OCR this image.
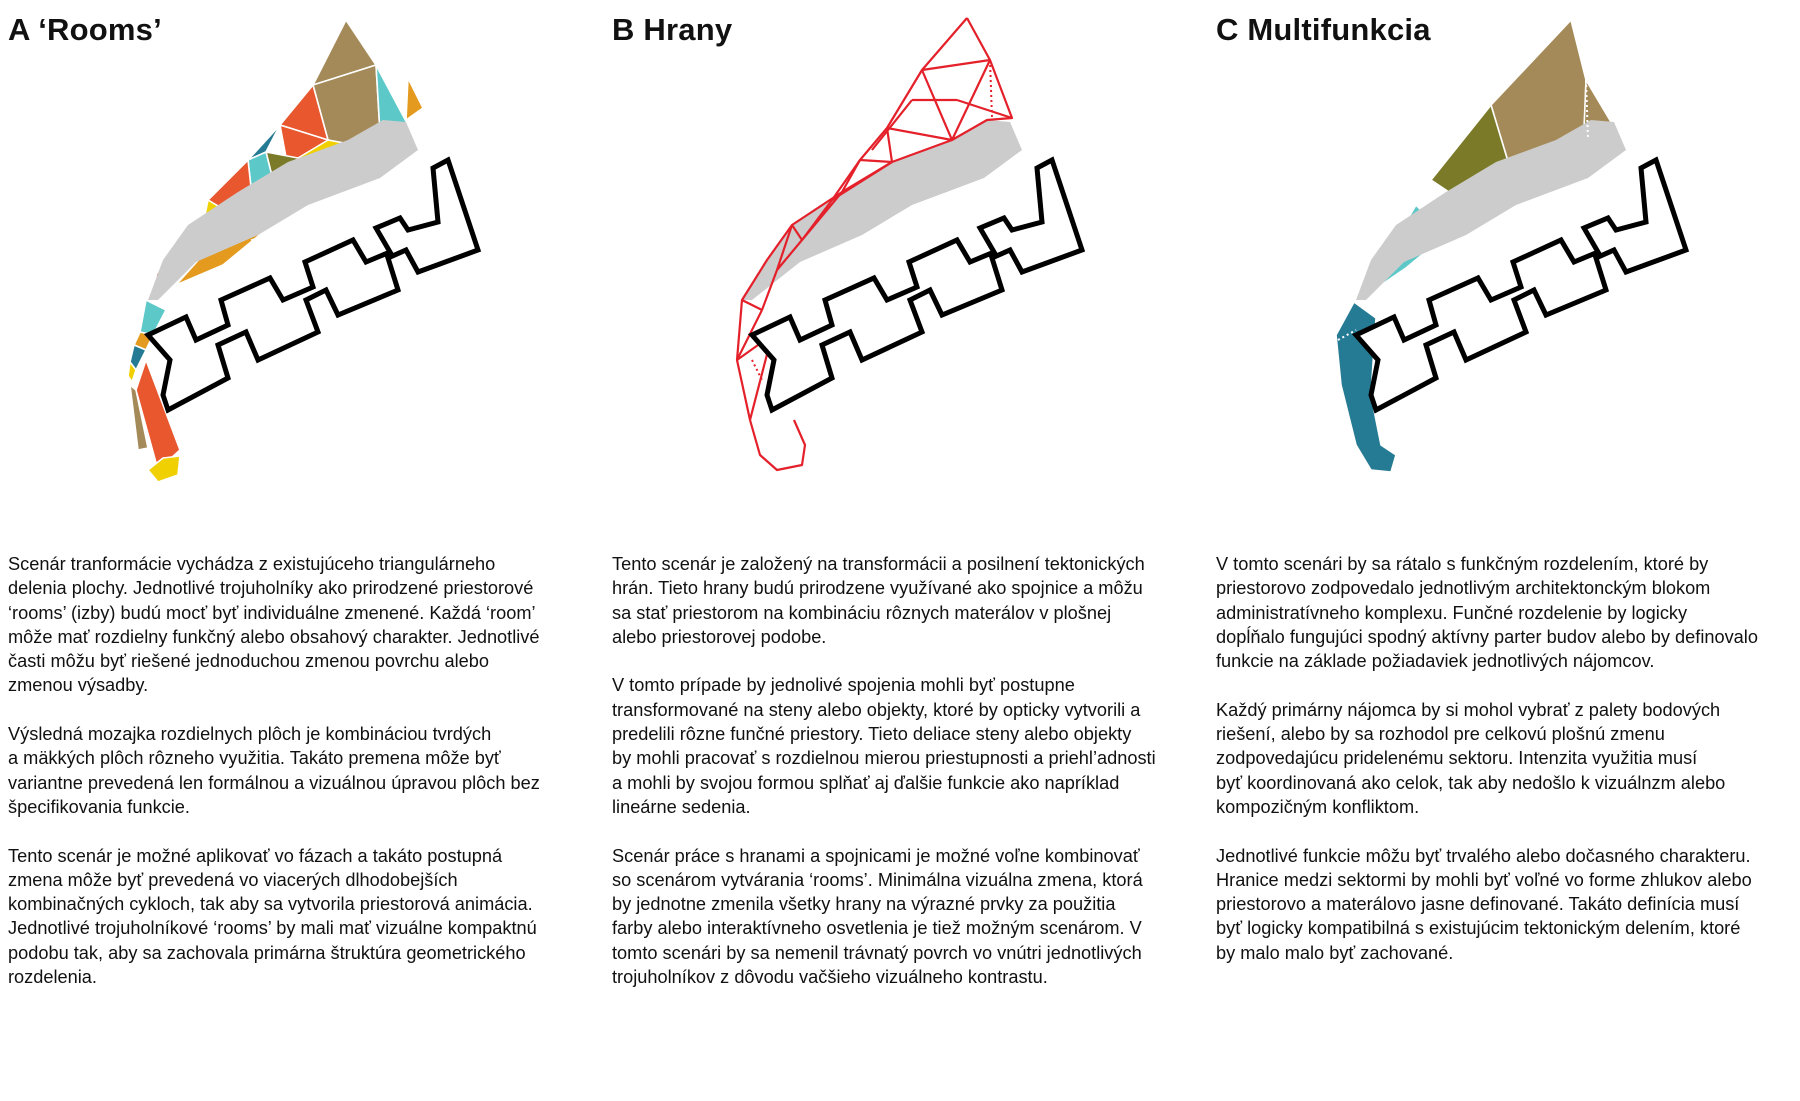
A ‘Rooms’

Scenár tranformácie vychádza z existujúceho triangulárneho
delenia plochy. Jednotlivé trojuholníky ako prirodzené priestorové
‘rooms’ (izby) budú mocť byť individuálne zmenené. Každá ‘room’
môže mať rozdielny funkčný alebo obsahový charakter. Jednotlivé
časti môžu byť riešené jednoduchou zmenou povrchu alebo
zmenou výsadby.

Výsledná mozajka rozdielnych plôch je kombináciou tvrdých
a mäkkých plôch rôzneho využitia. Takáto premena môže byť
variantne prevedená len formálnou a vizuálnou úpravou plôch bez
špecifikovania funkcie.

Tento scenár je možné aplikovať vo fázach a takáto postupná
zmena môže byť prevedená vo viacerých dlhodobejších
kombinačných cykloch, tak aby sa vytvorila priestorová animácia.
Jednotlivé trojuholníkové ‘rooms’ by mali mať vizuálne kompaktnú
podobu tak, aby sa zachovala primárna štruktúra geometrického
rozdelenia.

B Hrany

Tento scenár je založený na transformácii a posilnení tektonických
hrán. Tieto hrany budú prirodzene využívané ako spojnice a môžu
sa stať priestorom na kombináciu rôznych materálov v plošnej
alebo priestorovej podobe.

V tomto prípade by jednolivé spojenia mohli byť postupne
transformované na steny alebo objekty, ktoré by opticky vytvorili a
predelili rôzne funčné priestory. Tieto deliace steny alebo objekty
by mohli pracovať s rozdielnou mierou priestupnosti a priehl’adnosti
a mohli by svojou formou splňať aj ďalšie funkcie ako napríklad
lineárne sedenia.

Scenár práce s hranami a spojnicami je možné voľne kombinovať
so scenárom vytvárania ‘rooms’. Minimálna vizuálna zmena, ktorá
by jednotne zmenila všetky hrany na výrazné prvky za použitia
farby alebo interaktívneho osvetlenia je tiež možným scenárom. V
tomto scenári by sa nemenil trávnatý povrch vo vnútri jednotlivých
trojuholníkov z dôvodu vačšieho vizuálneho kontrastu.

C Multifunkcia

V tomto scenári by sa rátalo s funkčným rozdelením, ktoré by
priestorovo zodpovedalo jednotlivým architektonckým blokom
administratívneho komplexu. Funčné rozdelenie by logicky
dopĺňalo fungujúci spodný aktívny parter budov alebo by definovalo
funkcie na základe požiadaviek jednotlivých nájomcov.

Každý primárny nájomca by si mohol vybrať z palety bodových
riešení, alebo by sa rozhodol pre celkovú plošnú zmenu
zodpovedajúcu pridelenému sektoru. Intenzita využitia musí
byť koordinovaná ako celok, tak aby nedošlo k vizuálnzm alebo
kompozičným konfliktom.

Jednotlivé funkcie môžu byť trvalého alebo dočasného charakteru.
Hranice medzi sektormi by mohli byť voľné vo forme zhlukov alebo
priestorovo a materálovo jasne definované. Takáto definícia musí
byť logicky kompatibilná s existujúcim tektonickým delením, ktoré
by malo malo byť zachované.
